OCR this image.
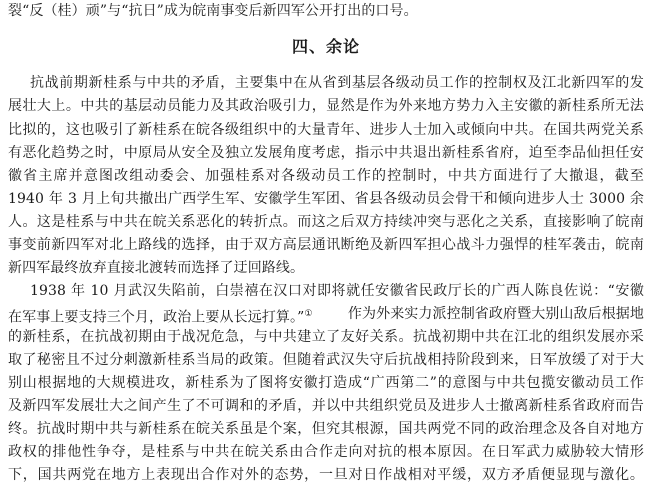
裂“反（桂）顽”与“抗日”成为皖南事变后新四军公开打出的口号。
四、余论
抗战前期新桂系与中共的矛盾，主要集中在从省到基层各级动员工作的控制权及江北新四军的发
展壮大上。中共的基层动员能力及其政治吸引力，显然是作为外来地方势力入主安徽的新桂系所无法
比拟的，这也吸引了新桂系在皖各级组织中的大量青年、进步人士加入或倾向中共。在国共两党关系
有恶化趋势之时，中原局从安全及独立发展角度考虑，指示中共退出新桂系省府，迫至李品仙担任安
徽省主席并意图改组动委会、加强桂系对各级动员工作的控制时，中共方面进行了大撤退，截至
1940 年 3 月上旬共撤出广西学生军、安徽学生军团、省县各级动员会骨干和倾向进步人士 3000 余
人。这是桂系与中共在皖关系恶化的转折点。而这之后双方持续冲突与恶化之关系，直接影响了皖南
事变前新四军对北上路线的选择，由于双方高层通讯断绝及新四军担心战斗力强悍的桂军袭击，皖南
新四军最终放弃直接北渡转而选择了迂回路线。
1938 年 10 月武汉失陷前，白崇禧在汉口对即将就任安徽省民政厅长的广西人陈良佐说：“安徽
在军事上要支持三个月，政治上要从长远打算。”①	作为外来实力派控制省政府暨大别山敌后根据地
的新桂系，在抗战初期由于战况危急，与中共建立了友好关系。抗战初期中共在江北的组织发展亦采
取了秘密且不过分刺激新桂系当局的政策。但随着武汉失守后抗战相持阶段到来，日军放缓了对于大
别山根据地的大规模进攻，新桂系为了图将安徽打造成“广西第二”的意图与中共包揽安徽动员工作
及新四军发展壮大之间产生了不可调和的矛盾，并以中共组织党员及进步人士撤离新桂系省政府而告
终。抗战时期中共与新桂系在皖关系虽是个案，但究其根源，国共两党不同的政治理念及各自对地方
政权的排他性争夺，是桂系与中共在皖关系由合作走向对抗的根本原因。在日军武力威胁较大情形
下，国共两党在地方上表现出合作对外的态势，一旦对日作战相对平缓，双方矛盾便显现与激化。
